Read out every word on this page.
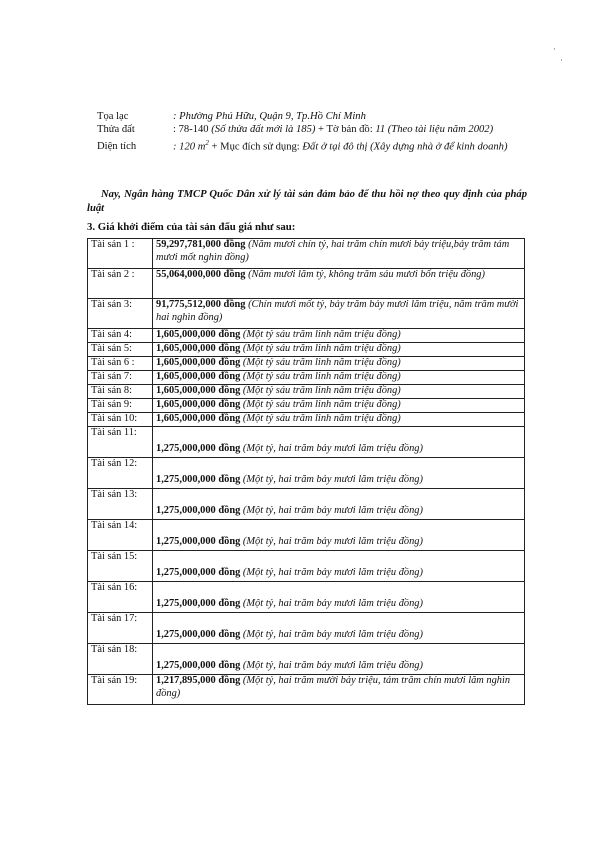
·
·
Tọa lạc	: Phường Phú Hữu, Quận 9, Tp.Hồ Chí Minh
Thửa đất	: 78-140 (Số thửa đất mới là 185) + Tờ bản đồ: 11 (Theo tài liệu năm 2002)
Diện tích	: 120 $m^2$ + Mục đích sử dụng: Đất ở tại đô thị (Xây dựng nhà ở để kinh doanh)
Nay, Ngân hàng TMCP Quốc Dân xử lý tài sản đảm bảo để thu hồi nợ theo quy định của pháp luật
3. Giá khởi điểm của tài sản đấu giá như sau:
Tài sản 1 :	59,297,781,000 đồng (Năm mươi chín tỷ, hai trăm chín mươi bảy triệu,bảy trăm tám mươi mốt nghìn đồng)
Tài sản 2 :	55,064,000,000 đồng (Năm mươi lăm tỷ, không trăm sáu mươi bốn triệu đồng)
Tài sản 3:	91,775,512,000 đồng (Chín mươi mốt tỷ, bảy trăm bảy mươi lăm triệu, năm trăm mười hai nghìn đồng)
Tài sản 4:	1,605,000,000 đồng (Một tỷ sáu trăm linh năm triệu đồng)
Tài sản 5:	1,605,000,000 đồng (Một tỷ sáu trăm linh năm triệu đồng)
Tài sản 6 :	1,605,000,000 đồng (Một tỷ sáu trăm linh năm triệu đồng)
Tài sản 7:	1,605,000,000 đồng (Một tỷ sáu trăm linh năm triệu đồng)
Tài sản 8:	1,605,000,000 đồng (Một tỷ sáu trăm linh năm triệu đồng)
Tài sản 9:	1,605,000,000 đồng (Một tỷ sáu trăm linh năm triệu đồng)
Tài sản 10:	1,605,000,000 đồng (Một tỷ sáu trăm linh năm triệu đồng)
Tài sản 11:	1,275,000,000 đồng (Một tỷ, hai trăm bảy mươi lăm triệu đồng)
Tài sản 12:	1,275,000,000 đồng (Một tỷ, hai trăm bảy mươi lăm triệu đồng)
Tài sản 13:	1,275,000,000 đồng (Một tỷ, hai trăm bảy mươi lăm triệu đồng)
Tài sản 14:	1,275,000,000 đồng (Một tỷ, hai trăm bảy mươi lăm triệu đồng)
Tài sản 15:	1,275,000,000 đồng (Một tỷ, hai trăm bảy mươi lăm triệu đồng)
Tài sản 16:	1,275,000,000 đồng (Một tỷ, hai trăm bảy mươi lăm triệu đồng)
Tài sản 17:	1,275,000,000 đồng (Một tỷ, hai trăm bảy mươi lăm triệu đồng)
Tài sản 18:	1,275,000,000 đồng (Một tỷ, hai trăm bảy mươi lăm triệu đồng)
Tài sản 19:	1,217,895,000 đồng (Một tỷ, hai trăm mười bảy triệu, tám trăm chín mươi lăm nghìn đồng)
